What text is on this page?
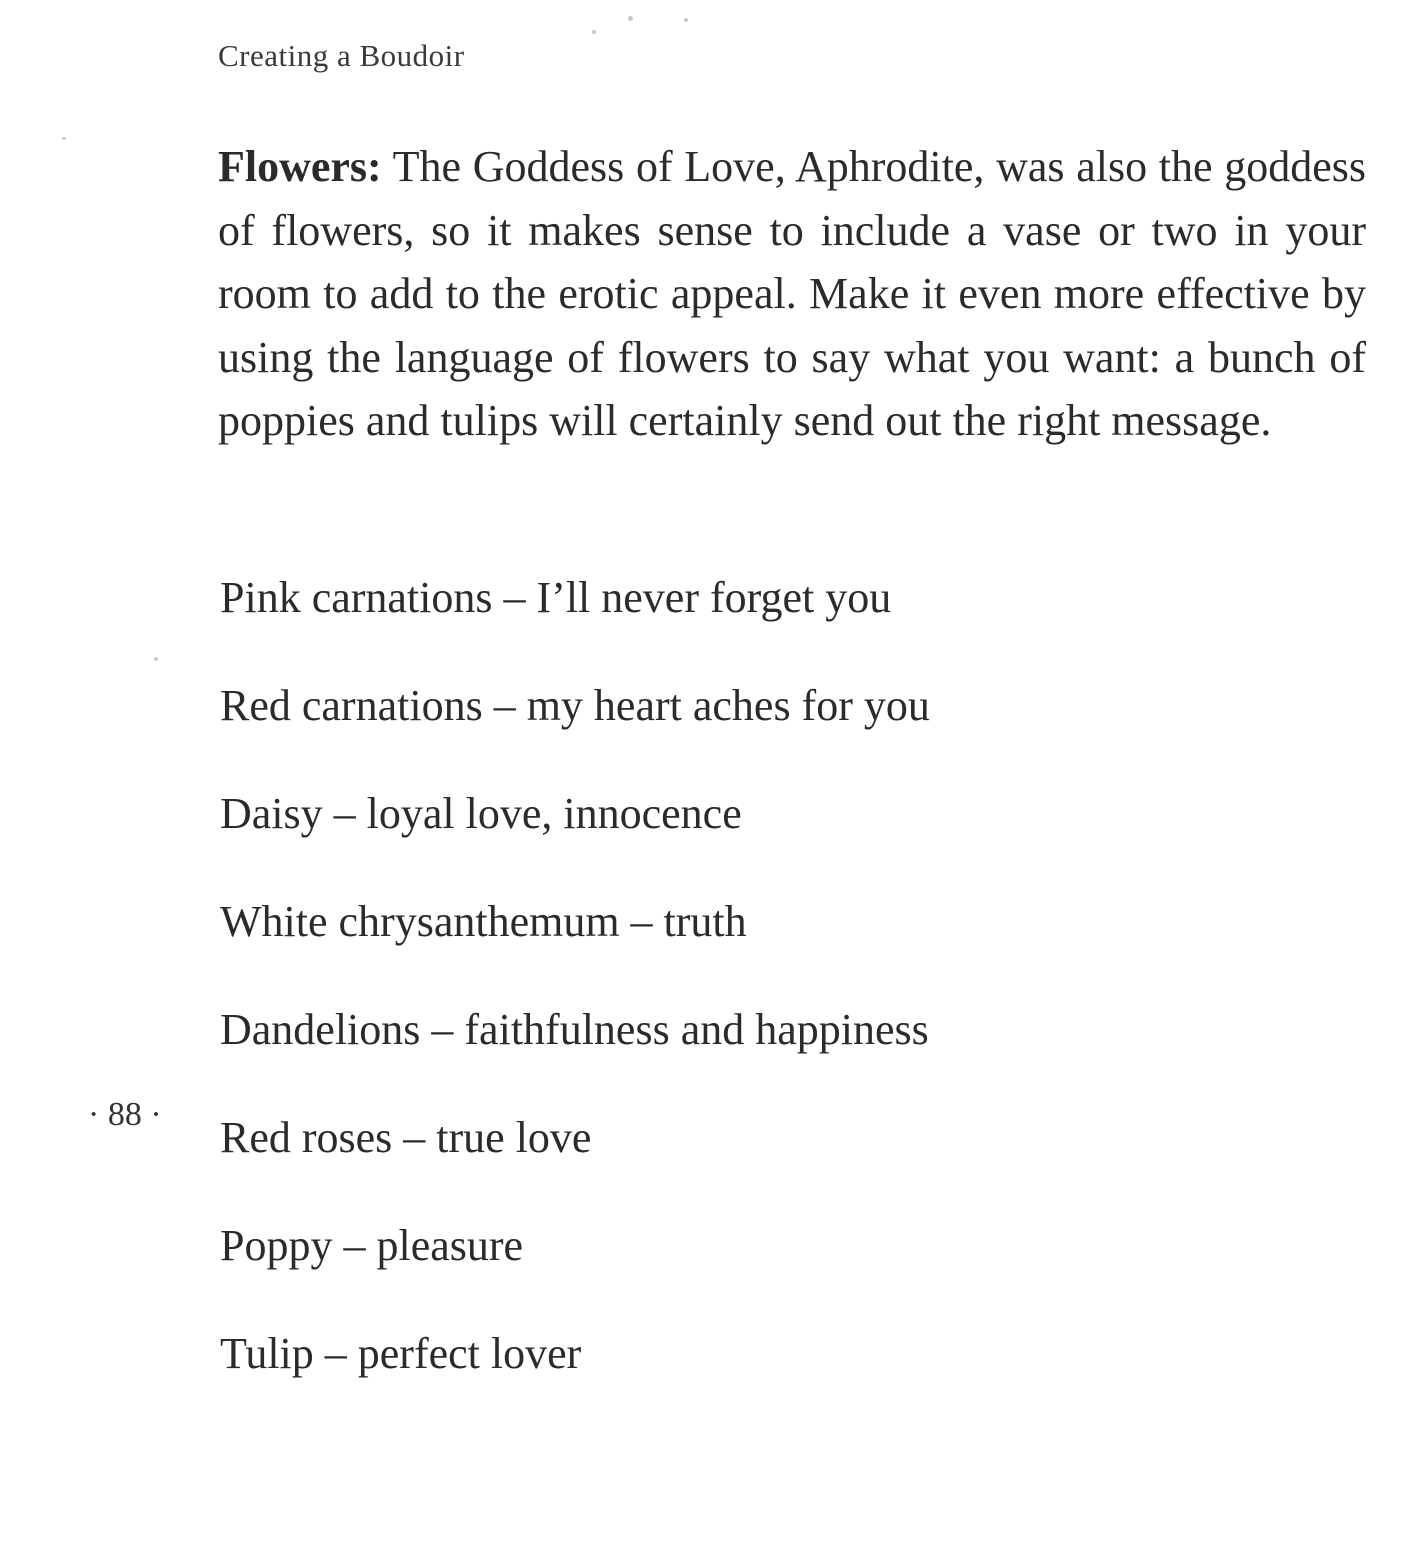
Creating a Boudoir

Flowers: The Goddess of Love, Aphrodite, was also the goddess of flowers, so it makes sense to include a vase or two in your room to add to the erotic appeal. Make it even more effective by using the language of flowers to say what you want: a bunch of poppies and tulips will certainly send out the right message.

Pink carnations – I’ll never forget you
Red carnations – my heart aches for you
Daisy – loyal love, innocence
White chrysanthemum – truth
Dandelions – faithfulness and happiness
Red roses – true love
Poppy – pleasure
Tulip – perfect lover
· 88 ·
